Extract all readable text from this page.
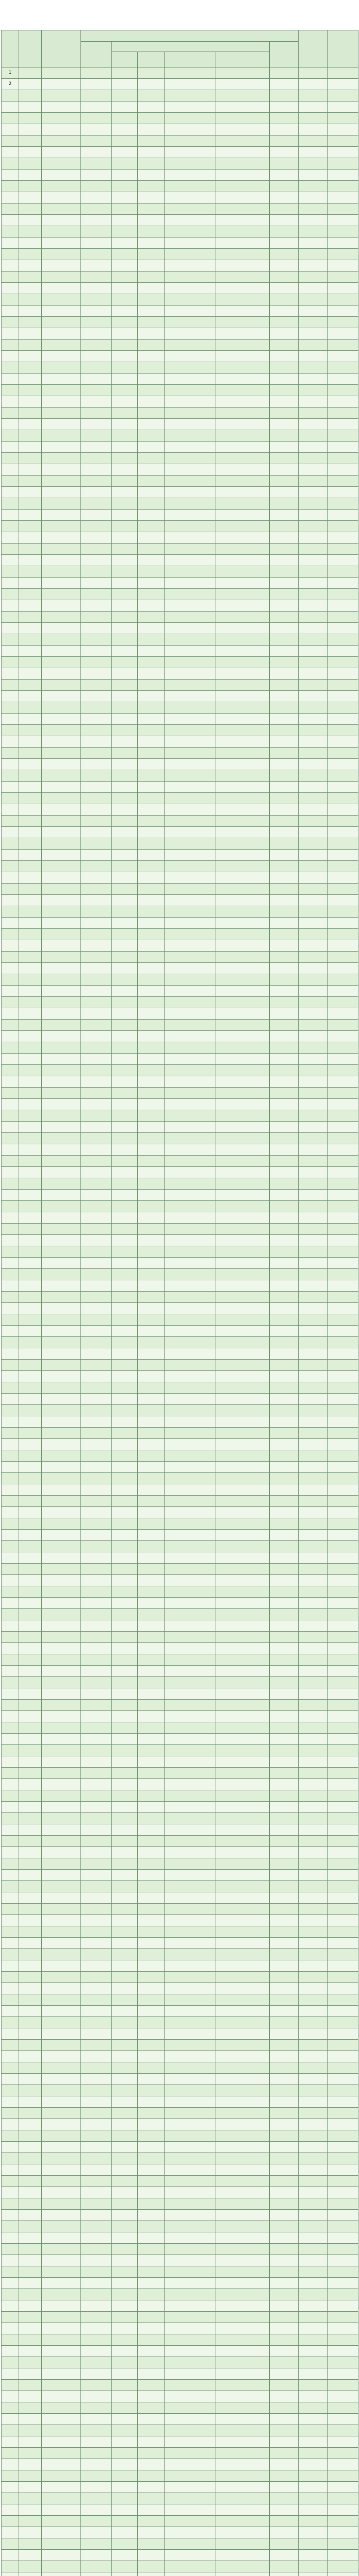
1										
2										
